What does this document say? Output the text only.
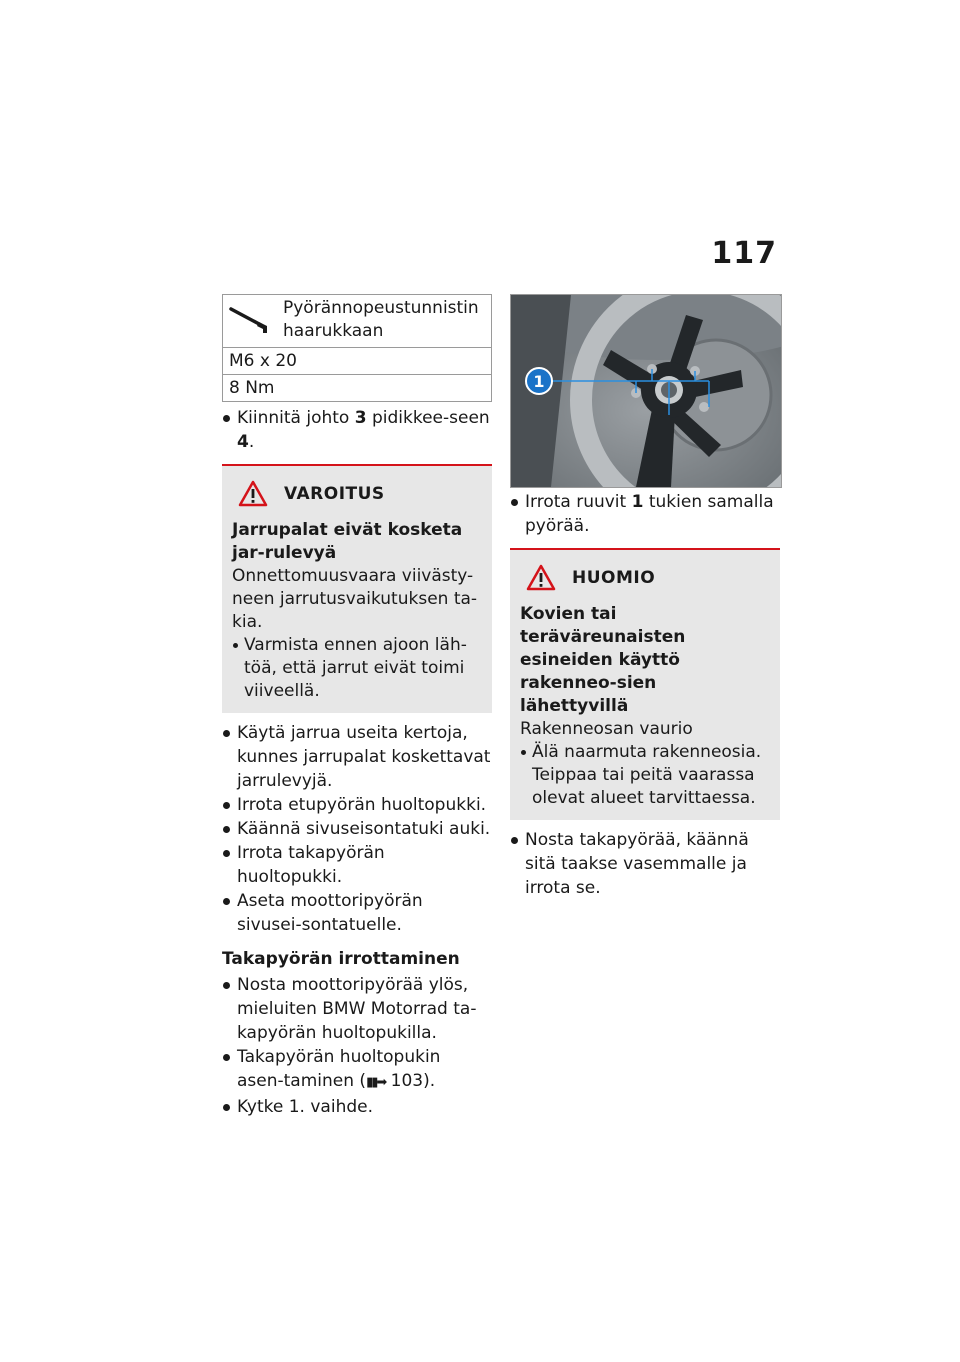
117
Pyörännopeustunnistin haarukkaan

M6 x 20
8 Nm
Kiinnitä johto 3 pidikkee-seen 4.
VAROITUS
Jarrupalat eivät kosketa jar-rulevyä
Onnettomuusvaara viivästy-neen jarrutusvaikutuksen ta-kia.
Varmista ennen ajoon läh-töä, että jarrut eivät toimi viiveellä.
Käytä jarrua useita kertoja, kunnes jarrupalat koskettavat jarrulevyjä.
Irrota etupyörän huoltopukki.
Käännä sivuseisontatuki auki.
Irrota takapyörän huoltopukki.
Aseta moottoripyörän sivusei-sontatuelle.
Takapyörän irrottaminen
Nosta moottoripyörää ylös, mieluiten BMW Motorrad ta-kapyörän huoltopukilla.
Takapyörän huoltopukin asen-taminen (▮▮➡ 103).
Kytke 1. vaihde.
1
Irrota ruuvit 1 tukien samalla pyörää.
HUOMIO
Kovien tai teräväreunaisten esineiden käyttö rakenneo-sien lähettyvillä
Rakenneosan vaurio
Älä naarmuta rakenneosia. Teippaa tai peitä vaarassa olevat alueet tarvittaessa.
Nosta takapyörää, käännä sitä taakse vasemmalle ja irrota se.
